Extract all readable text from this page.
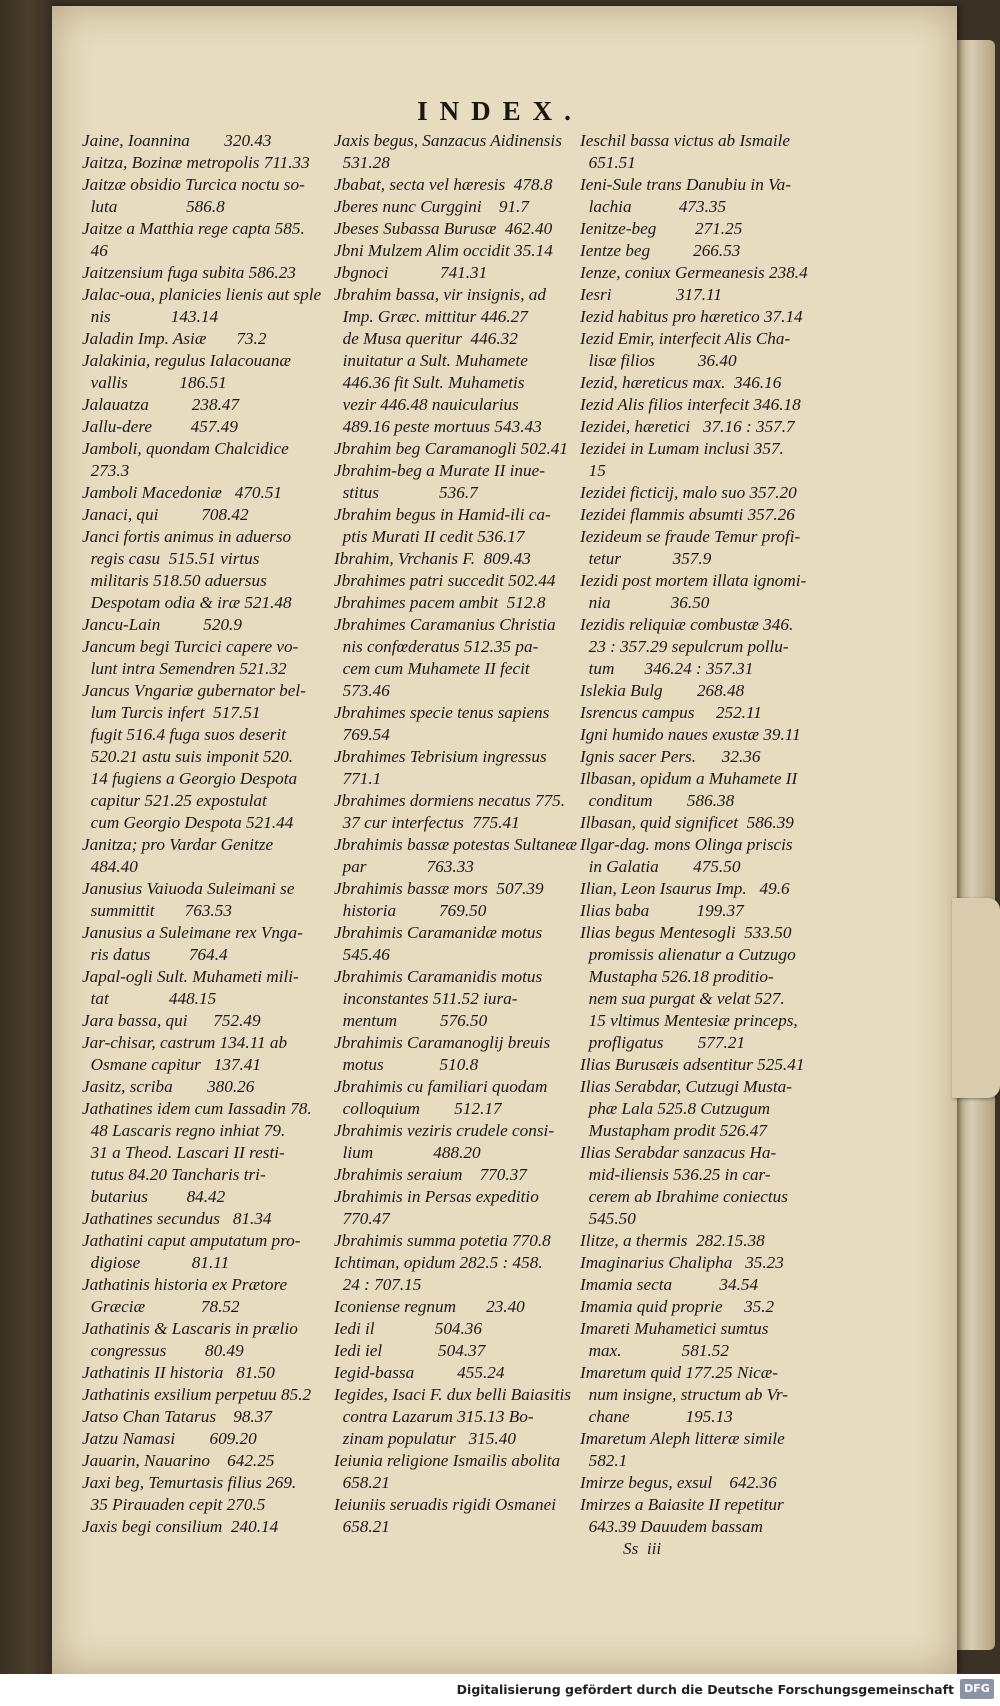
INDEX.
Jaine, Ioannina        320.43
Jaitza, Bozinæ metropolis 711.33
Jaitzæ obsidio Turcica noctu so-
luta                586.8
Jaitze a Matthia rege capta 585.
46
Jaitzensium fuga subita 586.23
Jalac-oua, planicies lienis aut sple
nis              143.14
Jaladin Imp. Asiæ       73.2
Jalakinia, regulus Ialacouanæ
vallis            186.51
Jalauatza          238.47
Jallu-dere         457.49
Jamboli, quondam Chalcidice
273.3
Jamboli Macedoniæ   470.51
Janaci, qui          708.42
Janci fortis animus in aduerso
regis casu  515.51 virtus
militaris 518.50 aduersus
Despotam odia & iræ 521.48
Jancu-Lain          520.9
Jancum begi Turcici capere vo-
lunt intra Semendren 521.32
Jancus Vngariæ gubernator bel-
lum Turcis infert  517.51
fugit 516.4 fuga suos deserit
520.21 astu suis imponit 520.
14 fugiens a Georgio Despota
capitur 521.25 expostulat
cum Georgio Despota 521.44
Janitza; pro Vardar Genitze
484.40
Janusius Vaiuoda Suleimani se
summittit       763.53
Janusius a Suleimane rex Vnga-
ris datus         764.4
Japal-ogli Sult. Muhameti mili-
tat              448.15
Jara bassa, qui      752.49
Jar-chisar, castrum 134.11 ab
Osmane capitur   137.41
Jasitz, scriba        380.26
Jathatines idem cum Iassadin 78.
48 Lascaris regno inhiat 79.
31 a Theod. Lascari II resti-
tutus 84.20 Tancharis tri-
butarius         84.42
Jathatines secundus   81.34
Jathatini caput amputatum pro-
digiose            81.11
Jathatinis historia ex Prætore
Græciæ             78.52
Jathatinis & Lascaris in prælio
congressus         80.49
Jathatinis II historia   81.50
Jathatinis exsilium perpetuu 85.2
Jatso Chan Tatarus    98.37
Jatzu Namasi        609.20
Jauarin, Nauarino    642.25
Jaxi beg, Temurtasis filius 269.
35 Pirauaden cepit 270.5
Jaxis begi consilium  240.14
Jaxis begus, Sanzacus Aidinensis
531.28
Jbabat, secta vel hæresis  478.8
Jberes nunc Curggini    91.7
Jbeses Subassa Burusæ  462.40
Jbni Mulzem Alim occidit 35.14
Jbgnoci            741.31
Jbrahim bassa, vir insignis, ad
Imp. Græc. mittitur 446.27
de Musa queritur  446.32
inuitatur a Sult. Muhamete
446.36 fit Sult. Muhametis
vezir 446.48 nauicularius
489.16 peste mortuus 543.43
Jbrahim beg Caramanogli 502.41
Jbrahim-beg a Murate II inue-
stitus              536.7
Jbrahim begus in Hamid-ili ca-
ptis Murati II cedit 536.17
Ibrahim, Vrchanis F.  809.43
Jbrahimes patri succedit 502.44
Jbrahimes pacem ambit  512.8
Jbrahimes Caramanius Christia
nis confœderatus 512.35 pa-
cem cum Muhamete II fecit
573.46
Jbrahimes specie tenus sapiens
769.54
Jbrahimes Tebrisium ingressus
771.1
Jbrahimes dormiens necatus 775.
37 cur interfectus  775.41
Jbrahimis bassæ potestas Sultaneæ
par              763.33
Jbrahimis bassæ mors  507.39
historia          769.50
Jbrahimis Caramanidæ motus
545.46
Jbrahimis Caramanidis motus
inconstantes 511.52 iura-
mentum          576.50
Jbrahimis Caramanoglij breuis
motus             510.8
Jbrahimis cu familiari quodam
colloquium        512.17
Jbrahimis veziris crudele consi-
lium              488.20
Jbrahimis seraium    770.37
Jbrahimis in Persas expeditio
770.47
Jbrahimis summa potetia 770.8
Ichtiman, opidum 282.5 : 458.
24 : 707.15
Iconiense regnum       23.40
Iedi il              504.36
Iedi iel             504.37
Iegid-bassa          455.24
Iegides, Isaci F. dux belli Baiasitis
contra Lazarum 315.13 Bo-
zinam populatur   315.40
Ieiunia religione Ismailis abolita
658.21
Ieiuniis seruadis rigidi Osmanei
658.21
Ieschil bassa victus ab Ismaile
651.51
Ieni-Sule trans Danubiu in Va-
lachia           473.35
Ienitze-beg         271.25
Ientze beg          266.53
Ienze, coniux Germeanesis 238.4
Iesri               317.11
Iezid habitus pro hæretico 37.14
Iezid Emir, interfecit Alis Cha-
lisæ filios          36.40
Iezid, hæreticus max.  346.16
Iezid Alis filios interfecit 346.18
Iezidei, hæretici   37.16 : 357.7
Iezidei in Lumam inclusi 357.
15
Iezidei ficticij, malo suo 357.20
Iezidei flammis absumti 357.26
Iezideum se fraude Temur profi-
tetur            357.9
Iezidi post mortem illata ignomi-
nia              36.50
Iezidis reliquiæ combustæ 346.
23 : 357.29 sepulcrum pollu-
tum       346.24 : 357.31
Islekia Bulg        268.48
Isrencus campus     252.11
Igni humido naues exustæ 39.11
Ignis sacer Pers.      32.36
Ilbasan, opidum a Muhamete II
conditum        586.38
Ilbasan, quid significet  586.39
Ilgar-dag. mons Olinga priscis
in Galatia        475.50
Ilian, Leon Isaurus Imp.   49.6
Ilias baba           199.37
Ilias begus Mentesogli  533.50
promissis alienatur a Cutzugo
Mustapha 526.18 proditio-
nem sua purgat & velat 527.
15 vltimus Mentesiæ princeps,
profligatus        577.21
Ilias Burusæis adsentitur 525.41
Ilias Serabdar, Cutzugi Musta-
phæ Lala 525.8 Cutzugum
Mustapham prodit 526.47
Ilias Serabdar sanzacus Ha-
mid-iliensis 536.25 in car-
cerem ab Ibrahime coniectus
545.50
Ilitze, a thermis  282.15.38
Imaginarius Chalipha   35.23
Imamia secta           34.54
Imamia quid proprie     35.2
Imareti Muhametici sumtus
max.              581.52
Imaretum quid 177.25 Nicæ-
num insigne, structum ab Vr-
chane             195.13
Imaretum Aleph litteræ simile
582.1
Imirze begus, exsul    642.36
Imirzes a Baiasite II repetitur
643.39 Dauudem bassam
Ss  iii
Digitalisierung gefördert durch die Deutsche Forschungsgemeinschaft DFG
